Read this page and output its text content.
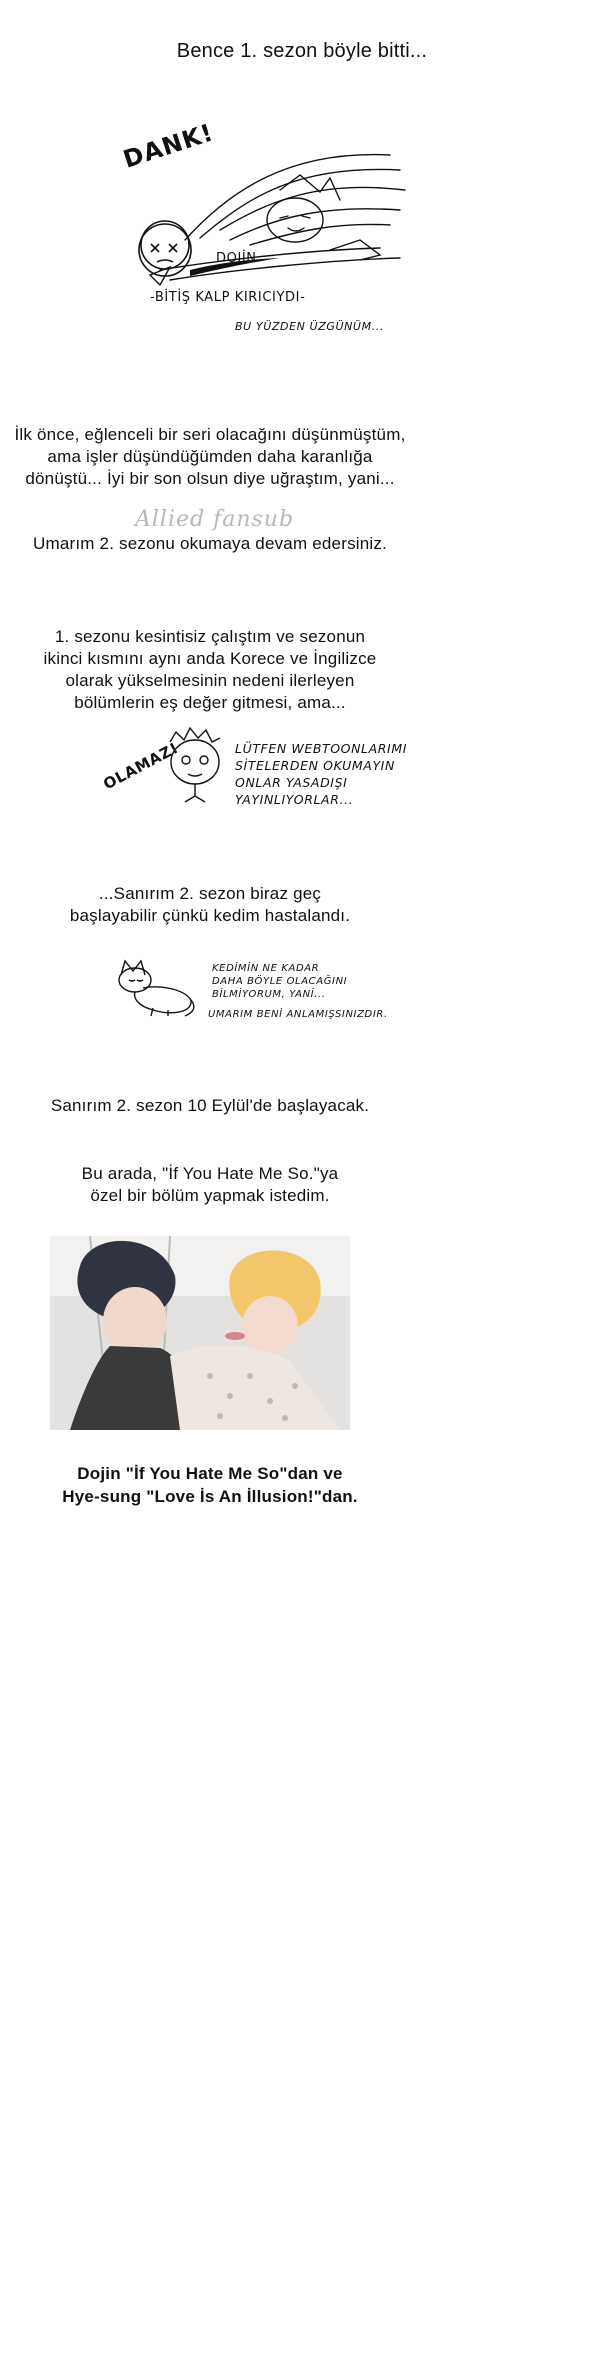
Bence 1. sezon böyle bitti...
DANK!
DOJİN
-BİTİŞ KALP KIRICIYDI-
BU YÜZDEN ÜZGÜNÜM...
İlk önce, eğlenceli bir seri olacağını düşünmüştüm,
ama işler düşündüğümden daha karanlığa
dönüştü... İyi bir son olsun diye uğraştım, yani...
Allied fansub
Umarım 2. sezonu okumaya devam edersiniz.
1. sezonu kesintisiz çalıştım ve sezonun
ikinci kısmını aynı anda Korece ve İngilizce
olarak yükselmesinin nedeni ilerleyen
bölümlerin eş değer gitmesi, ama...
OLAMAZ!	LÜTFEN WEBTOONLARIMI
SİTELERDEN OKUMAYIN
ONLAR YASADIŞI
YAYINLIYORLAR...
...Sanırım 2. sezon biraz geç
başlayabilir çünkü kedim hastalandı.
KEDİMİN NE KADAR
DAHA BÖYLE OLACAĞINI
BİLMİYORUM, YANİ...
UMARIM BENİ ANLAMIŞSINIZDIR.
Sanırım 2. sezon 10 Eylül'de başlayacak.
Bu arada, "İf You Hate Me So."ya
özel bir bölüm yapmak istedim.
Dojin "İf You Hate Me So"dan ve
Hye-sung "Love İs An İllusion!"dan.
